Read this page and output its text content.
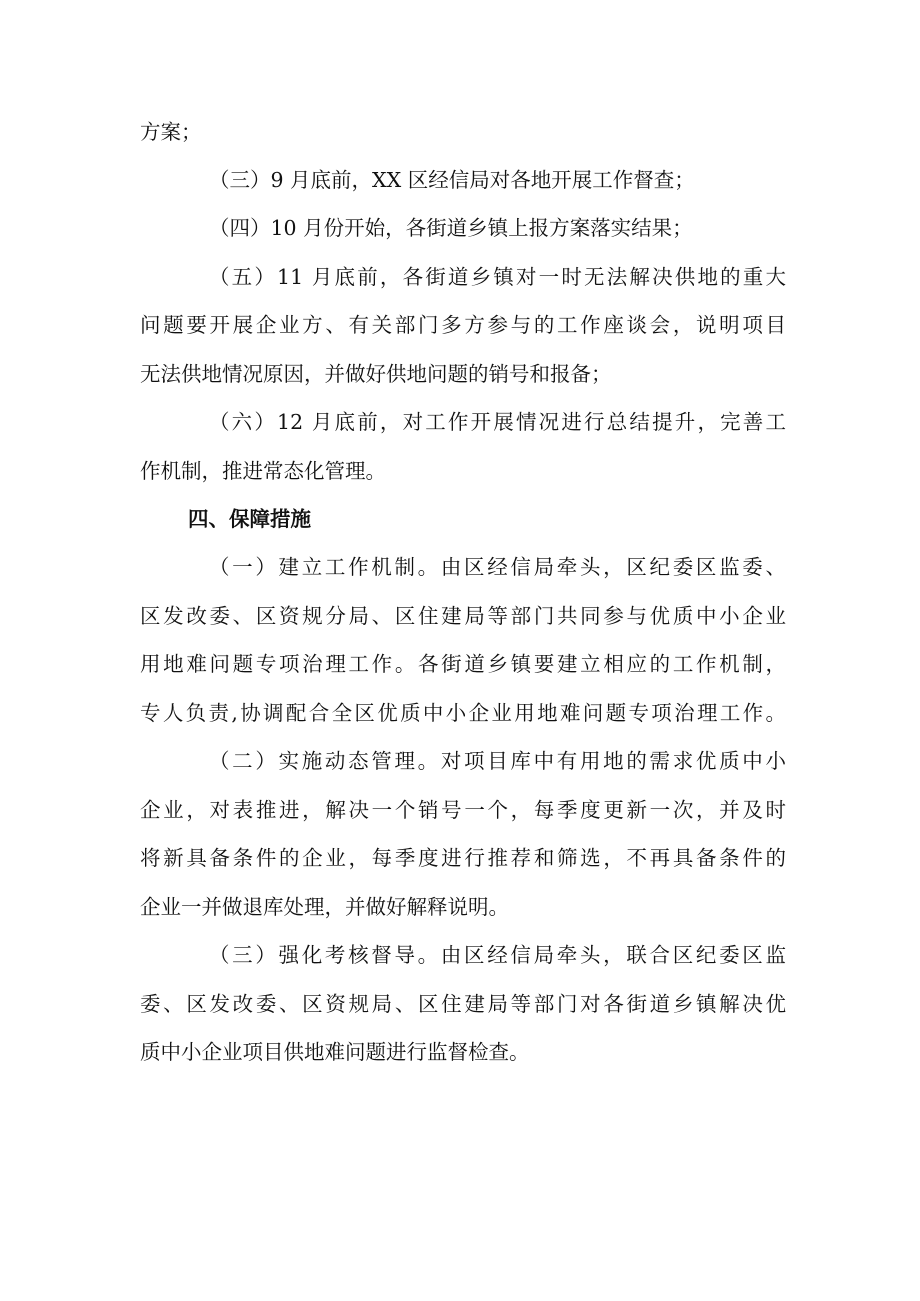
方案；
（三）9 月底前，XX 区经信局对各地开展工作督查；
（四）10 月份开始，各街道乡镇上报方案落实结果；
（五）11 月底前，各街道乡镇对一时无法解决供地的重大
问题要开展企业方、有关部门多方参与的工作座谈会，说明项目
无法供地情况原因，并做好供地问题的销号和报备；
（六）12 月底前，对工作开展情况进行总结提升，完善工
作机制，推进常态化管理。
四、保障措施
（一）建立工作机制。由区经信局牵头，区纪委区监委、
区发改委、区资规分局、区住建局等部门共同参与优质中小企业
用地难问题专项治理工作。各街道乡镇要建立相应的工作机制，
专人负责,协调配合全区优质中小企业用地难问题专项治理工作。
（二）实施动态管理。对项目库中有用地的需求优质中小
企业，对表推进，解决一个销号一个，每季度更新一次，并及时
将新具备条件的企业，每季度进行推荐和筛选，不再具备条件的
企业一并做退库处理，并做好解释说明。
（三）强化考核督导。由区经信局牵头，联合区纪委区监
委、区发改委、区资规局、区住建局等部门对各街道乡镇解决优
质中小企业项目供地难问题进行监督检查。
